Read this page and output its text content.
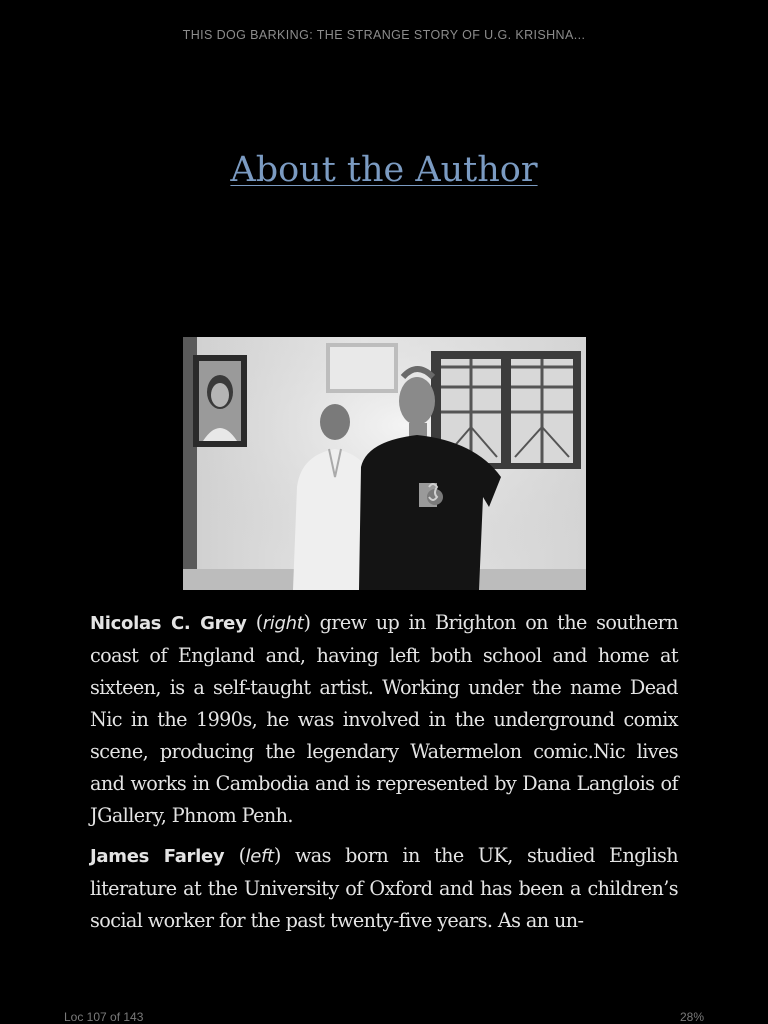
THIS DOG BARKING: THE STRANGE STORY OF U.G. KRISHNA...
About the Author

Nicolas C. Grey (right) grew up in Brighton on the southern coast of England and, having left both school and home at sixteen, is a self-taught artist. Working under the name Dead Nic in the 1990s, he was involved in the underground comix scene, producing the legendary Watermelon comic.Nic lives and works in Cambodia and is represented by Dana Langlois of JGallery, Phnom Penh.

James Farley (left) was born in the UK, studied English literature at the University of Oxford and has been a children’s social worker for the past twenty-five years. As an un-

Loc 107 of 143	28%
